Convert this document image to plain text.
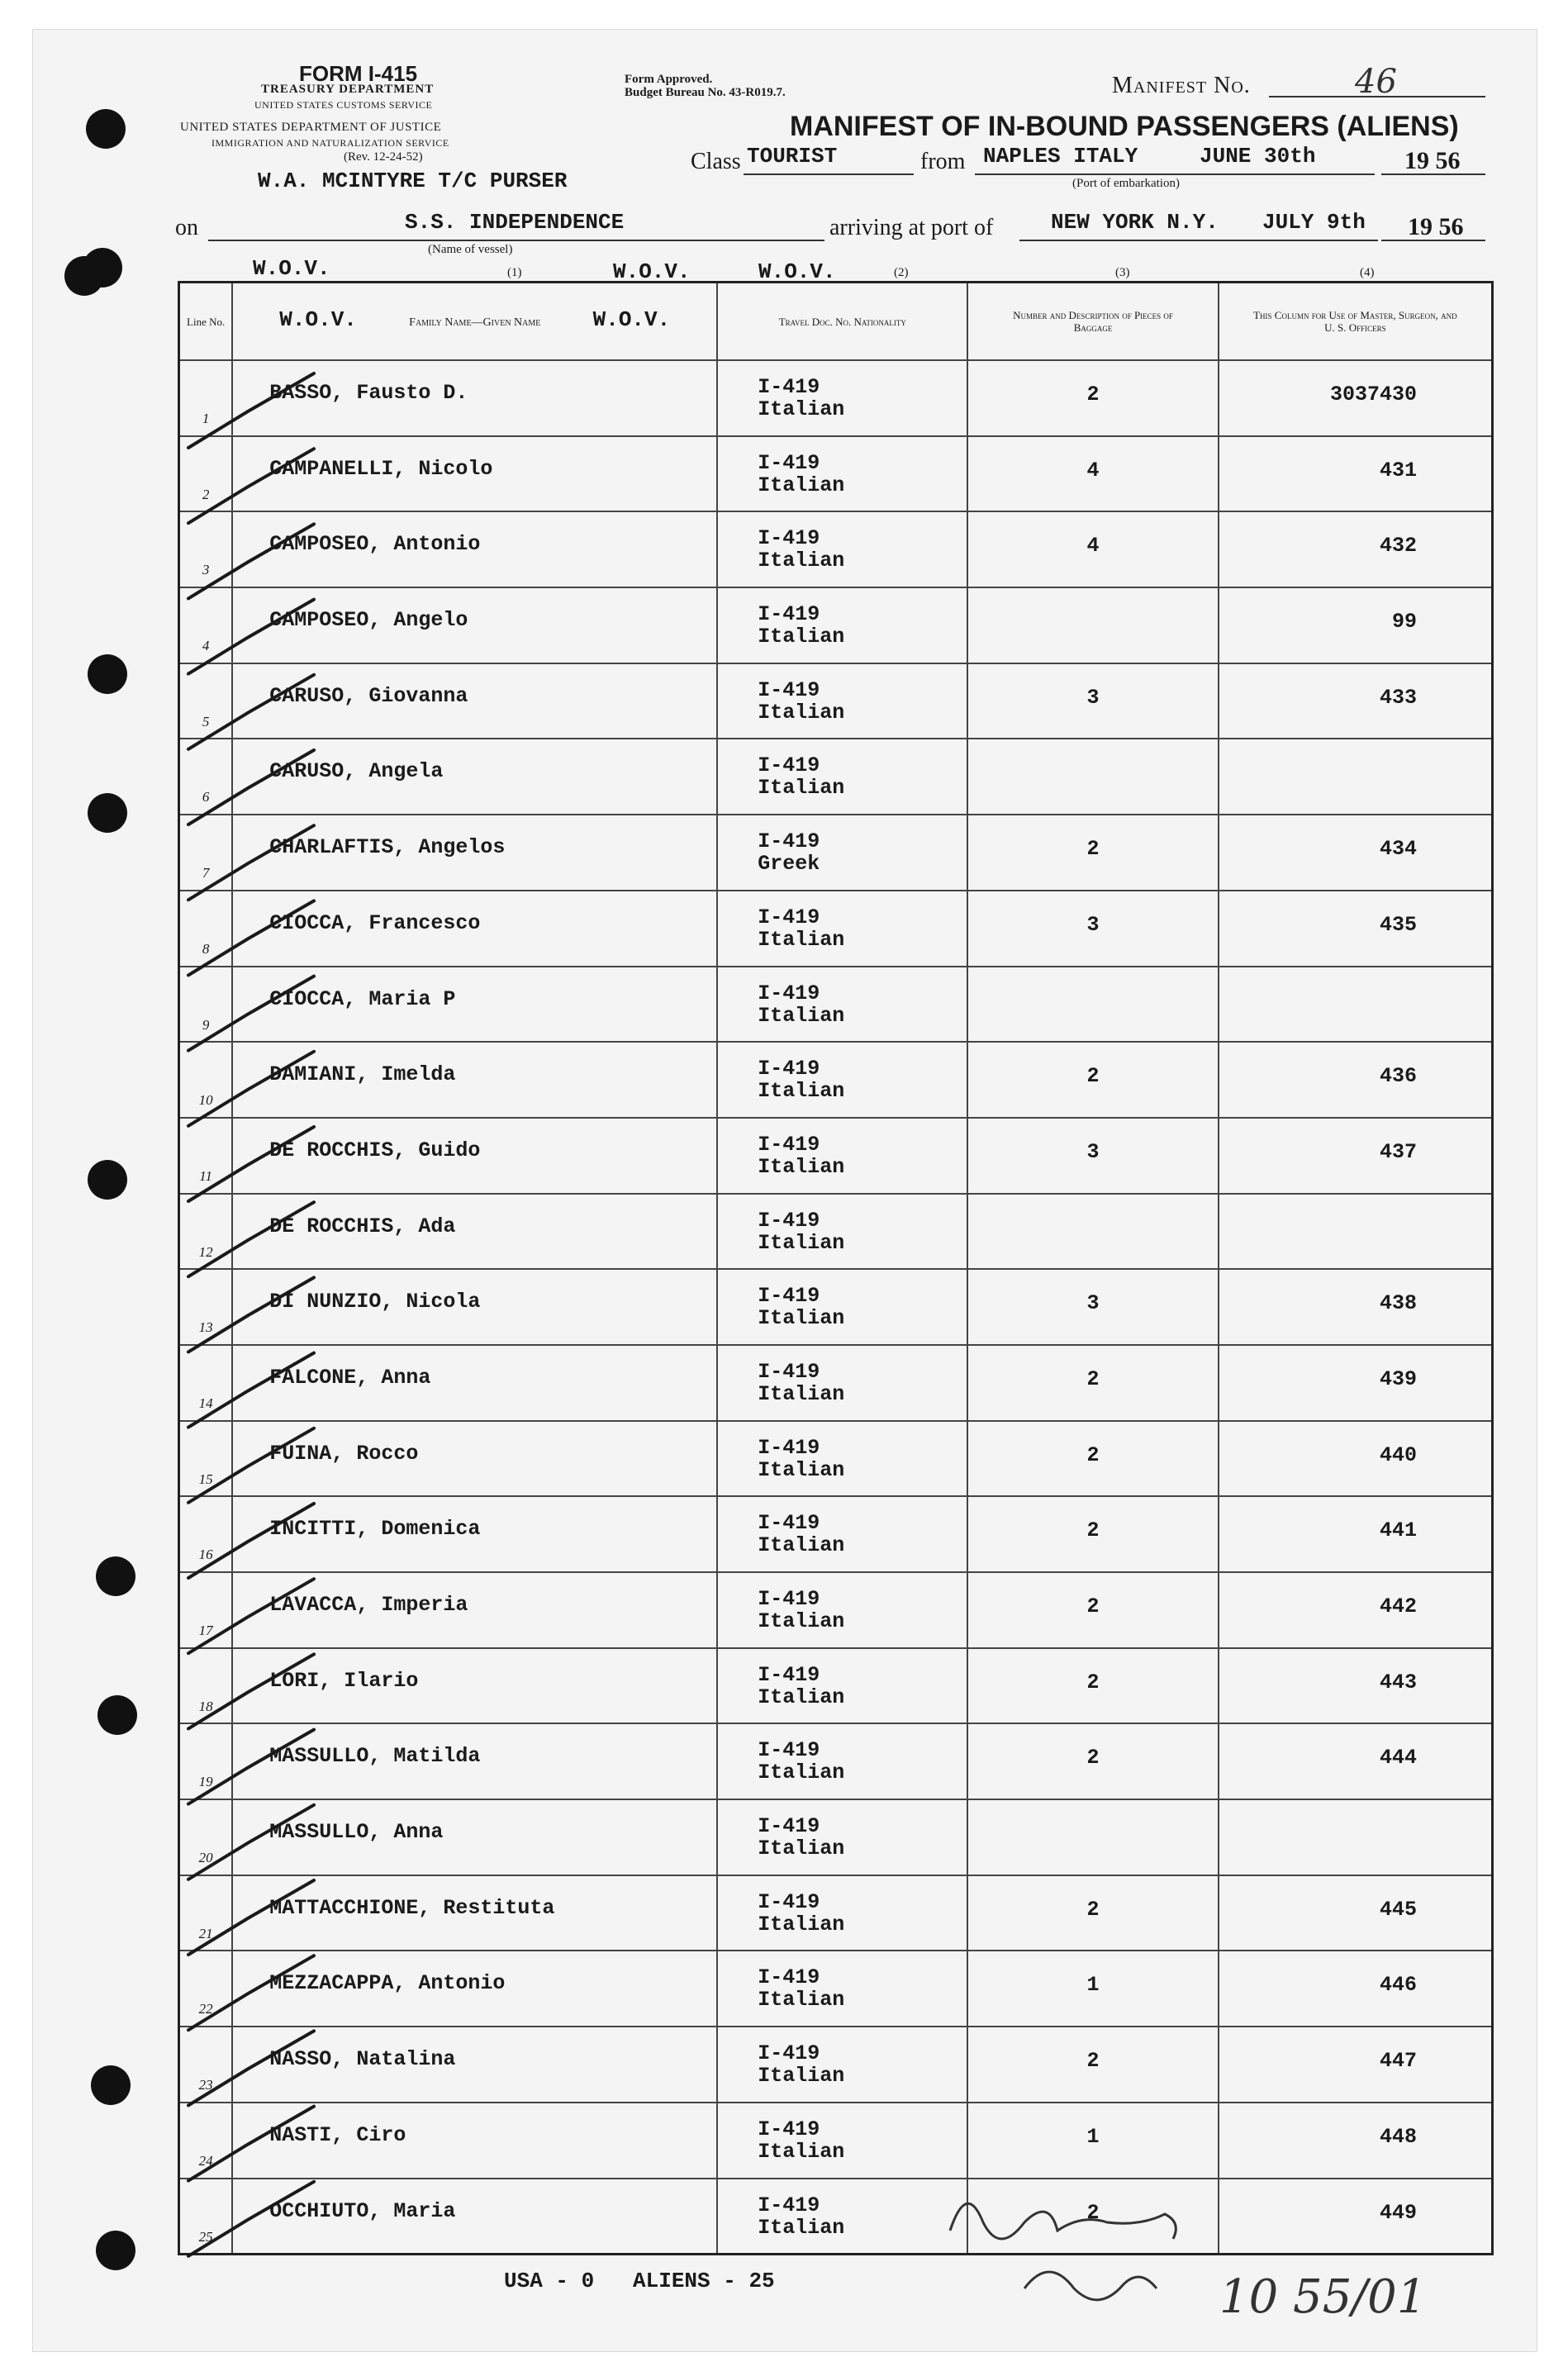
FORM I-415
TREASURY DEPARTMENT
UNITED STATES CUSTOMS SERVICE
UNITED STATES DEPARTMENT OF JUSTICE
IMMIGRATION AND NATURALIZATION SERVICE
(Rev. 12-24-52)
W.A. MCINTYRE T/C PURSER
Form Approved.
Budget Bureau No. 43-R019.7.	Manifest No.	46
MANIFEST OF IN-BOUND PASSENGERS (ALIENS)
Class TOURIST	from NAPLES ITALY	JUNE 30th	19 56
(Port of embarkation)
on	S.S. INDEPENDENCE
(Name of vessel)
arriving at port of	NEW YORK N.Y. JULY 9th 19 56
W.O.V.	W.O.V.	W.O.V.
(1)	(2)	(3)	(4)
Line No.	W.O.V. Family Name—Given Name W.O.V.	Travel Doc. No. Nationality	Number and Description of Pieces of Baggage	This Column for Use of Master, Surgeon, and U. S. Officers

1	BASSO, Fausto D.	I-419
Italian	2	3037430

2	CAMPANELLI, Nicolo	I-419
Italian	4	431

3	CAMPOSEO, Antonio	I-419
Italian	4	432

4	CAMPOSEO, Angelo	I-419
Italian		99

5	CARUSO, Giovanna	I-419
Italian	3	433

6	CARUSO, Angela	I-419
Italian		

7	CHARLAFTIS, Angelos	I-419
Greek	2	434

8	CIOCCA, Francesco	I-419
Italian	3	435

9	CIOCCA, Maria P	I-419
Italian		

10	DAMIANI, Imelda	I-419
Italian	2	436

11	DE ROCCHIS, Guido	I-419
Italian	3	437

12	DE ROCCHIS, Ada	I-419
Italian		

13	DI NUNZIO, Nicola	I-419
Italian	3	438

14	FALCONE, Anna	I-419
Italian	2	439

15	FUINA, Rocco	I-419
Italian	2	440

16	INCITTI, Domenica	I-419
Italian	2	441

17	LAVACCA, Imperia	I-419
Italian	2	442

18	LORI, Ilario	I-419
Italian	2	443

19	MASSULLO, Matilda	I-419
Italian	2	444

20	MASSULLO, Anna	I-419
Italian		

21	MATTACCHIONE, Restituta	I-419
Italian	2	445

22	MEZZACAPPA, Antonio	I-419
Italian	1	446

23	NASSO, Natalina	I-419
Italian	2	447

24	NASTI, Ciro	I-419
Italian	1	448

25	OCCHIUTO, Maria	I-419
Italian	2	449
USA - 0   ALIENS - 25	10 55/01
